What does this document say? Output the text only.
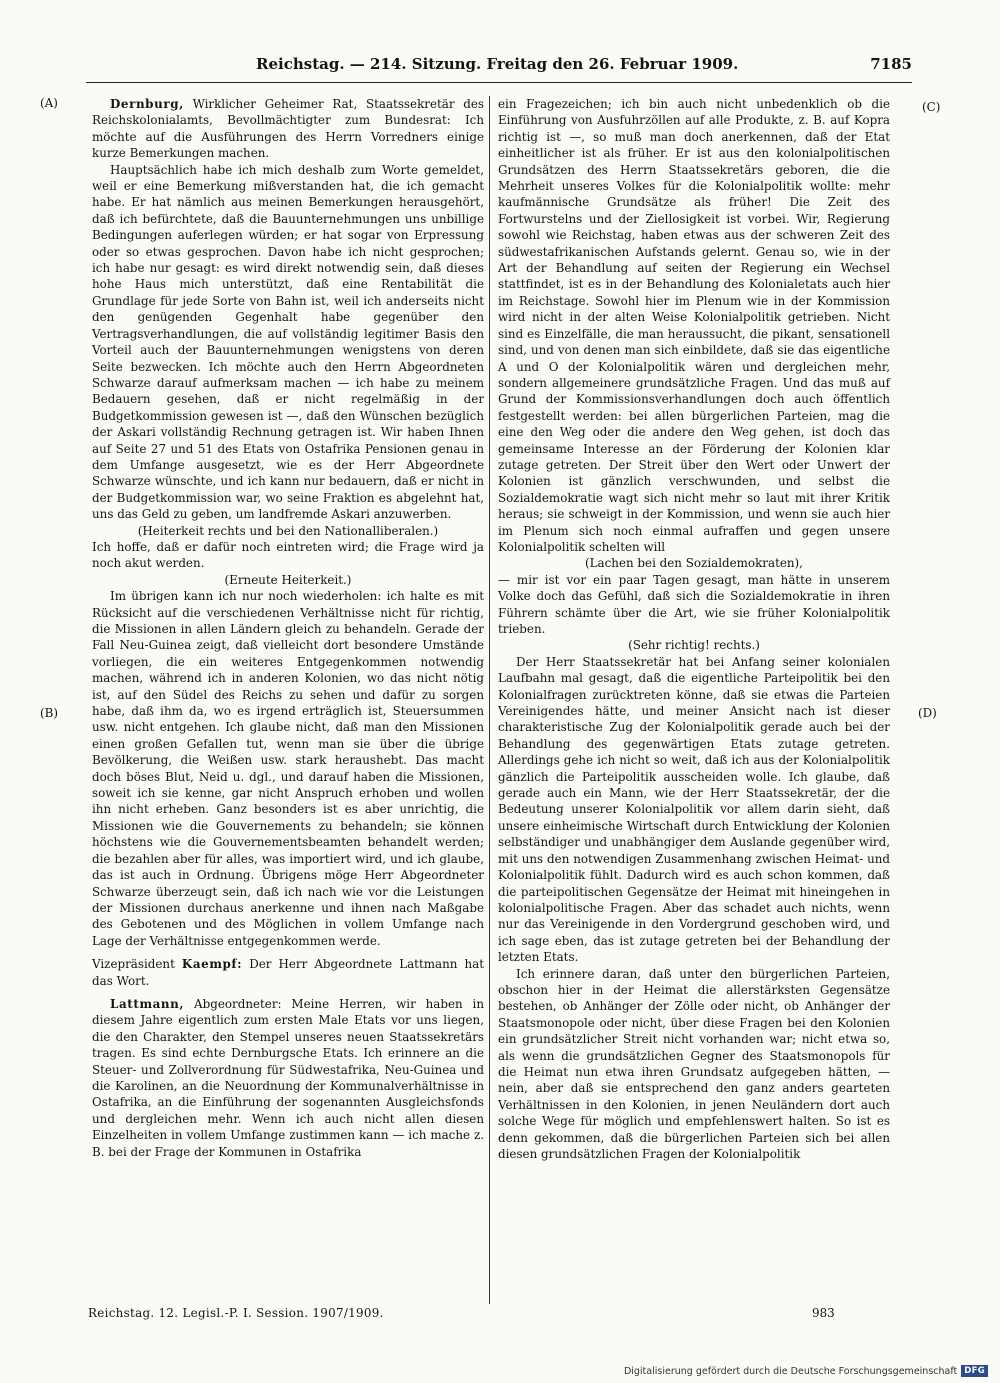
Reichstag. — 214. Sitzung. Freitag den 26. Februar 1909.	7185
(A)
(B)
(C)
(D)

Dernburg, Wirklicher Geheimer Rat, Staatssekretär des Reichskolonialamts, Bevollmächtigter zum Bundesrat: Ich möchte auf die Ausführungen des Herrn Vorredners einige kurze Bemerkungen machen.

Hauptsächlich habe ich mich deshalb zum Worte gemeldet, weil er eine Bemerkung mißverstanden hat, die ich gemacht habe. Er hat nämlich aus meinen Bemerkungen herausgehört, daß ich befürchtete, daß die Bauunternehmungen uns unbillige Bedingungen auferlegen würden; er hat sogar von Erpressung oder so etwas gesprochen. Davon habe ich nicht gesprochen; ich habe nur gesagt: es wird direkt notwendig sein, daß dieses hohe Haus mich unterstützt, daß eine Rentabilität die Grundlage für jede Sorte von Bahn ist, weil ich anderseits nicht den genügenden Gegenhalt habe gegenüber den Vertragsverhandlungen, die auf vollständig legitimer Basis den Vorteil auch der Bauunternehmungen wenigstens von deren Seite bezwecken. Ich möchte auch den Herrn Abgeordneten Schwarze darauf aufmerksam machen — ich habe zu meinem Bedauern gesehen, daß er nicht regelmäßig in der Budgetkommission gewesen ist —, daß den Wünschen bezüglich der Askari vollständig Rechnung getragen ist. Wir haben Ihnen auf Seite 27 und 51 des Etats von Ostafrika Pensionen genau in dem Umfange ausgesetzt, wie es der Herr Abgeordnete Schwarze wünschte, und ich kann nur bedauern, daß er nicht in der Budgetkommission war, wo seine Fraktion es abgelehnt hat, uns das Geld zu geben, um landfremde Askari anzuwerben.

(Heiterkeit rechts und bei den Nationalliberalen.)

Ich hoffe, daß er dafür noch eintreten wird; die Frage wird ja noch akut werden.

(Erneute Heiterkeit.)

Im übrigen kann ich nur noch wiederholen: ich halte es mit Rücksicht auf die verschiedenen Verhältnisse nicht für richtig, die Missionen in allen Ländern gleich zu behandeln. Gerade der Fall Neu-Guinea zeigt, daß vielleicht dort besondere Umstände vorliegen, die ein weiteres Entgegenkommen notwendig machen, während ich in anderen Kolonien, wo das nicht nötig ist, auf den Südel des Reichs zu sehen und dafür zu sorgen habe, daß ihm da, wo es irgend erträglich ist, Steuersummen usw. nicht entgehen. Ich glaube nicht, daß man den Missionen einen großen Gefallen tut, wenn man sie über die übrige Bevölkerung, die Weißen usw. stark heraushebt. Das macht doch böses Blut, Neid u. dgl., und darauf haben die Missionen, soweit ich sie kenne, gar nicht Anspruch erhoben und wollen ihn nicht erheben. Ganz besonders ist es aber unrichtig, die Missionen wie die Gouvernements zu behandeln; sie können höchstens wie die Gouvernementsbeamten behandelt werden; die bezahlen aber für alles, was importiert wird, und ich glaube, das ist auch in Ordnung. Übrigens möge Herr Abgeordneter Schwarze überzeugt sein, daß ich nach wie vor die Leistungen der Missionen durchaus anerkenne und ihnen nach Maßgabe des Gebotenen und des Möglichen in vollem Umfange nach Lage der Verhältnisse entgegenkommen werde.

Vizepräsident Kaempf: Der Herr Abgeordnete Lattmann hat das Wort.

Lattmann, Abgeordneter: Meine Herren, wir haben in diesem Jahre eigentlich zum ersten Male Etats vor uns liegen, die den Charakter, den Stempel unseres neuen Staatssekretärs tragen. Es sind echte Dernburgsche Etats. Ich erinnere an die Steuer- und Zollverordnung für Südwestafrika, Neu-Guinea und die Karolinen, an die Neuordnung der Kommunalverhältnisse in Ostafrika, an die Einführung der sogenannten Ausgleichsfonds und dergleichen mehr. Wenn ich auch nicht allen diesen Einzelheiten in vollem Umfange zustimmen kann — ich mache z. B. bei der Frage der Kommunen in Ostafrika

ein Fragezeichen; ich bin auch nicht unbedenklich ob die Einführung von Ausfuhrzöllen auf alle Produkte, z. B. auf Kopra richtig ist —, so muß man doch anerkennen, daß der Etat einheitlicher ist als früher. Er ist aus den kolonialpolitischen Grundsätzen des Herrn Staatssekretärs geboren, die die Mehrheit unseres Volkes für die Kolonialpolitik wollte: mehr kaufmännische Grundsätze als früher! Die Zeit des Fortwurstelns und der Ziellosigkeit ist vorbei. Wir, Regierung sowohl wie Reichstag, haben etwas aus der schweren Zeit des südwestafrikanischen Aufstands gelernt. Genau so, wie in der Art der Behandlung auf seiten der Regierung ein Wechsel stattfindet, ist es in der Behandlung des Kolonialetats auch hier im Reichstage. Sowohl hier im Plenum wie in der Kommission wird nicht in der alten Weise Kolonialpolitik getrieben. Nicht sind es Einzelfälle, die man heraussucht, die pikant, sensationell sind, und von denen man sich einbildete, daß sie das eigentliche A und O der Kolonialpolitik wären und dergleichen mehr, sondern allgemeinere grundsätzliche Fragen. Und das muß auf Grund der Kommissionsverhandlungen doch auch öffentlich festgestellt werden: bei allen bürgerlichen Parteien, mag die eine den Weg oder die andere den Weg gehen, ist doch das gemeinsame Interesse an der Förderung der Kolonien klar zutage getreten. Der Streit über den Wert oder Unwert der Kolonien ist gänzlich verschwunden, und selbst die Sozialdemokratie wagt sich nicht mehr so laut mit ihrer Kritik heraus; sie schweigt in der Kommission, und wenn sie auch hier im Plenum sich noch einmal aufraffen und gegen unsere Kolonialpolitik schelten will

(Lachen bei den Sozialdemokraten),

— mir ist vor ein paar Tagen gesagt, man hätte in unserem Volke doch das Gefühl, daß sich die Sozialdemokratie in ihren Führern schämte über die Art, wie sie früher Kolonialpolitik trieben.

(Sehr richtig! rechts.)

Der Herr Staatssekretär hat bei Anfang seiner kolonialen Laufbahn mal gesagt, daß die eigentliche Parteipolitik bei den Kolonialfragen zurücktreten könne, daß sie etwas die Parteien Vereinigendes hätte, und meiner Ansicht nach ist dieser charakteristische Zug der Kolonialpolitik gerade auch bei der Behandlung des gegenwärtigen Etats zutage getreten. Allerdings gehe ich nicht so weit, daß ich aus der Kolonialpolitik gänzlich die Parteipolitik ausscheiden wolle. Ich glaube, daß gerade auch ein Mann, wie der Herr Staatssekretär, der die Bedeutung unserer Kolonialpolitik vor allem darin sieht, daß unsere einheimische Wirtschaft durch Entwicklung der Kolonien selbständiger und unabhängiger dem Auslande gegenüber wird, mit uns den notwendigen Zusammenhang zwischen Heimat- und Kolonialpolitik fühlt. Dadurch wird es auch schon kommen, daß die parteipolitischen Gegensätze der Heimat mit hineingehen in kolonialpolitische Fragen. Aber das schadet auch nichts, wenn nur das Vereinigende in den Vordergrund geschoben wird, und ich sage eben, das ist zutage getreten bei der Behandlung der letzten Etats.

Ich erinnere daran, daß unter den bürgerlichen Parteien, obschon hier in der Heimat die allerstärksten Gegensätze bestehen, ob Anhänger der Zölle oder nicht, ob Anhänger der Staatsmonopole oder nicht, über diese Fragen bei den Kolonien ein grundsätzlicher Streit nicht vorhanden war; nicht etwa so, als wenn die grundsätzlichen Gegner des Staatsmonopols für die Heimat nun etwa ihren Grundsatz aufgegeben hätten, — nein, aber daß sie entsprechend den ganz anders gearteten Verhältnissen in den Kolonien, in jenen Neuländern dort auch solche Wege für möglich und empfehlenswert halten. So ist es denn gekommen, daß die bürgerlichen Parteien sich bei allen diesen grundsätzlichen Fragen der Kolonialpolitik

Reichstag. 12. Legisl.-P. I. Session. 1907/1909.	983
Digitalisierung gefördert durch die Deutsche Forschungsgemeinschaft DFG
